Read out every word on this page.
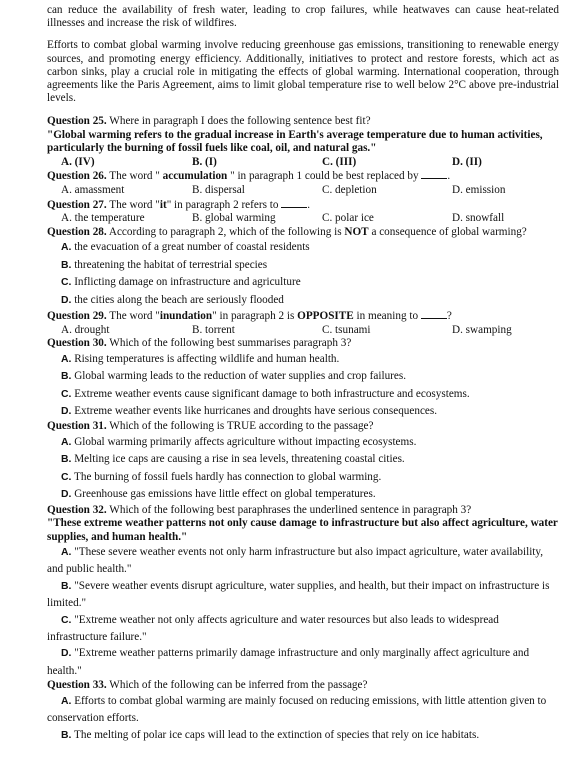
can reduce the availability of fresh water, leading to crop failures, while heatwaves can cause heat-related illnesses and increase the risk of wildfires.

Efforts to combat global warming involve reducing greenhouse gas emissions, transitioning to renewable energy sources, and promoting energy efficiency. Additionally, initiatives to protect and restore forests, which act as carbon sinks, play a crucial role in mitigating the effects of global warming. International cooperation, through agreements like the Paris Agreement, aims to limit global temperature rise to well below 2°C above pre-industrial levels.

Question 25. Where in paragraph I does the following sentence best fit?

"Global warming refers to the gradual increase in Earth's average temperature due to human activities, particularly the burning of fossil fuels like coal, oil, and natural gas."

A. (IV)	B. (I)	C. (III)	D. (II)

Question 26. The word " accumulation " in paragraph 1 could be best replaced by	.

A. amassment	B. dispersal	C. depletion	D. emission

Question 27. The word "it" in paragraph 2 refers to	.

A. the temperature	B. global warming	C. polar ice	D. snowfall

Question 28. According to paragraph 2, which of the following is NOT a consequence of global warming?

A. the evacuation of a great number of coastal residents
B. threatening the habitat of terrestrial species
C. Inflicting damage on infrastructure and agriculture
D. the cities along the beach are seriously flooded

Question 29. The word "inundation" in paragraph 2 is OPPOSITE in meaning to	?

A. drought	B. torrent	C. tsunami	D. swamping

Question 30. Which of the following best summarises paragraph 3?

A. Rising temperatures is affecting wildlife and human health.
B. Global warming leads to the reduction of water supplies and crop failures.
C. Extreme weather events cause significant damage to both infrastructure and ecosystems.
D. Extreme weather events like hurricanes and droughts have serious consequences.

Question 31. Which of the following is TRUE according to the passage?

A. Global warming primarily affects agriculture without impacting ecosystems.
B. Melting ice caps are causing a rise in sea levels, threatening coastal cities.
C. The burning of fossil fuels hardly has connection to global warming.
D. Greenhouse gas emissions have little effect on global temperatures.

Question 32. Which of the following best paraphrases the underlined sentence in paragraph 3?

"These extreme weather patterns not only cause damage to infrastructure but also affect agriculture, water supplies, and human health."

A. "These severe weather events not only harm infrastructure but also impact agriculture, water availability, and public health."

B. "Severe weather events disrupt agriculture, water supplies, and health, but their impact on infrastructure is limited."

C. "Extreme weather not only affects agriculture and water resources but also leads to widespread infrastructure failure."

D. "Extreme weather patterns primarily damage infrastructure and only marginally affect agriculture and health."

Question 33. Which of the following can be inferred from the passage?

A. Efforts to combat global warming are mainly focused on reducing emissions, with little attention given to conservation efforts.

B. The melting of polar ice caps will lead to the extinction of species that rely on ice habitats.
